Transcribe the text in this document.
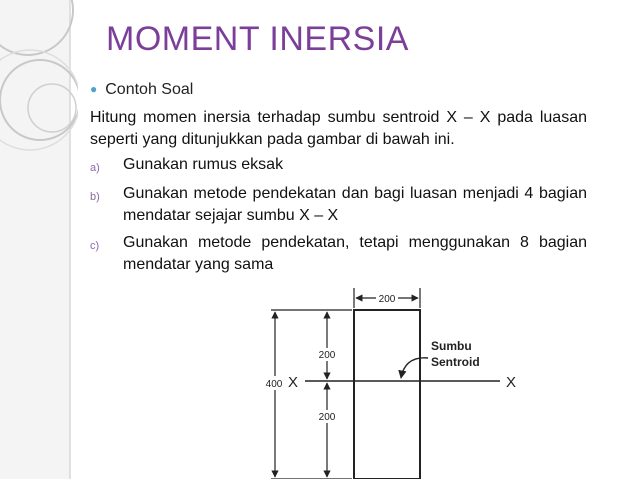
MOMENT INERSIA
● Contoh Soal
Hitung momen inersia terhadap sumbu sentroid X – X pada luasan seperti yang ditunjukkan pada gambar di bawah ini.
a) Gunakan rumus eksak
b) Gunakan metode pendekatan dan bagi luasan menjadi 4 bagian mendatar sejajar sumbu X – X
c) Gunakan metode pendekatan, tetapi menggunakan 8 bagian mendatar yang sama
200
400
200
200
X	X
Sumbu
Sentroid
